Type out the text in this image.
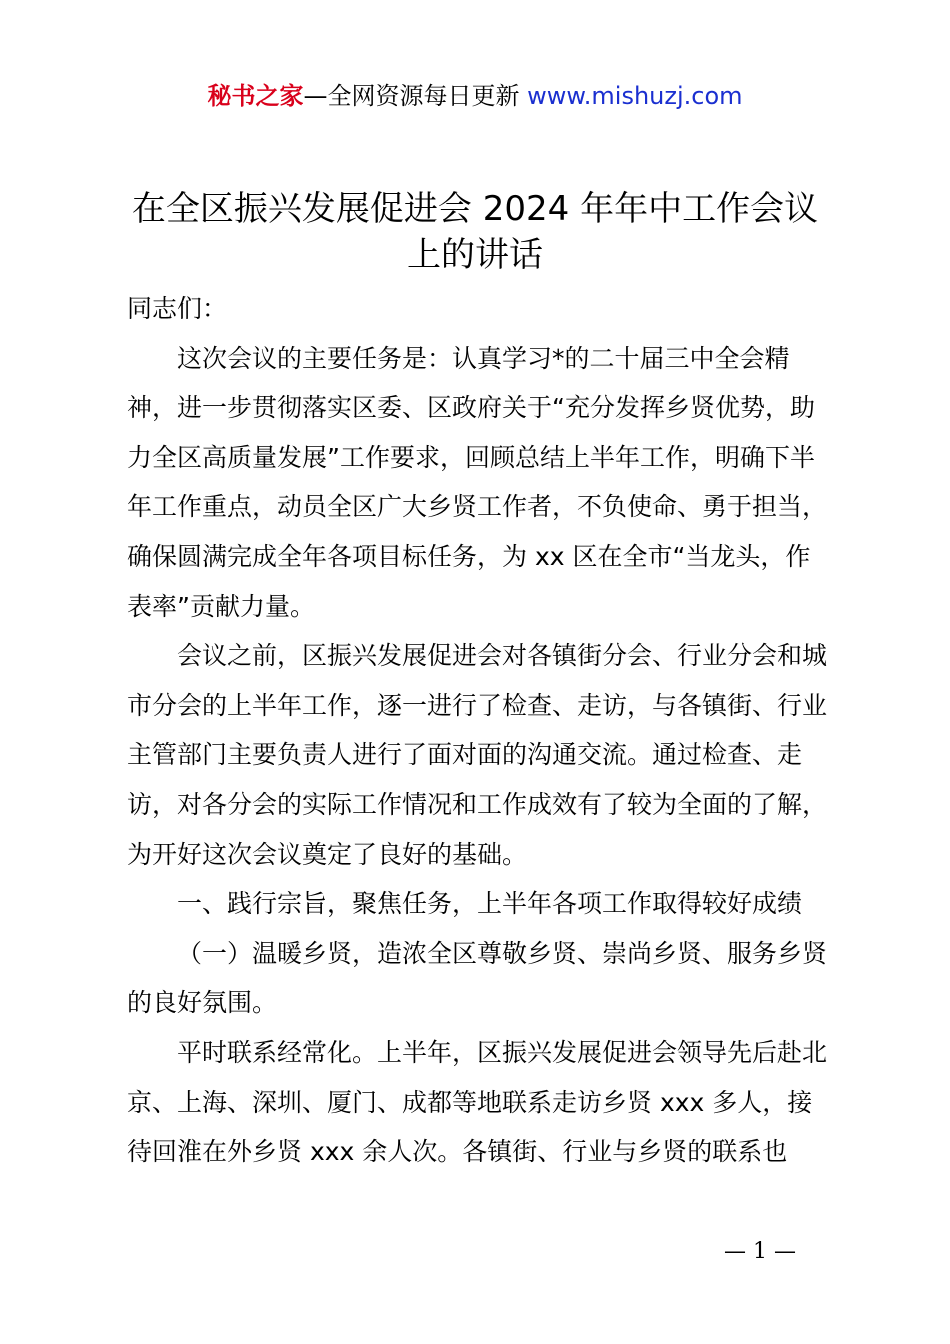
秘书之家—全网资源每日更新 www.mishuzj.com
在全区振兴发展促进会 2024 年年中工作会议
上的讲话

同志们：

这次会议的主要任务是：认真学习*的二十届三中全会精神，进一步贯彻落实区委、区政府关于“充分发挥乡贤优势，助力全区高质量发展”工作要求，回顾总结上半年工作，明确下半年工作重点，动员全区广大乡贤工作者，不负使命、勇于担当，确保圆满完成全年各项目标任务，为 xx 区在全市“当龙头，作表率”贡献力量。

会议之前，区振兴发展促进会对各镇街分会、行业分会和城市分会的上半年工作，逐一进行了检查、走访，与各镇街、行业主管部门主要负责人进行了面对面的沟通交流。通过检查、走访，对各分会的实际工作情况和工作成效有了较为全面的了解，为开好这次会议奠定了良好的基础。

一、践行宗旨，聚焦任务，上半年各项工作取得较好成绩

（一）温暖乡贤，造浓全区尊敬乡贤、崇尚乡贤、服务乡贤的良好氛围。

平时联系经常化。上半年，区振兴发展促进会领导先后赴北京、上海、深圳、厦门、成都等地联系走访乡贤 xxx 多人，接待回淮在外乡贤 xxx 余人次。各镇街、行业与乡贤的联系也

— 1 —
